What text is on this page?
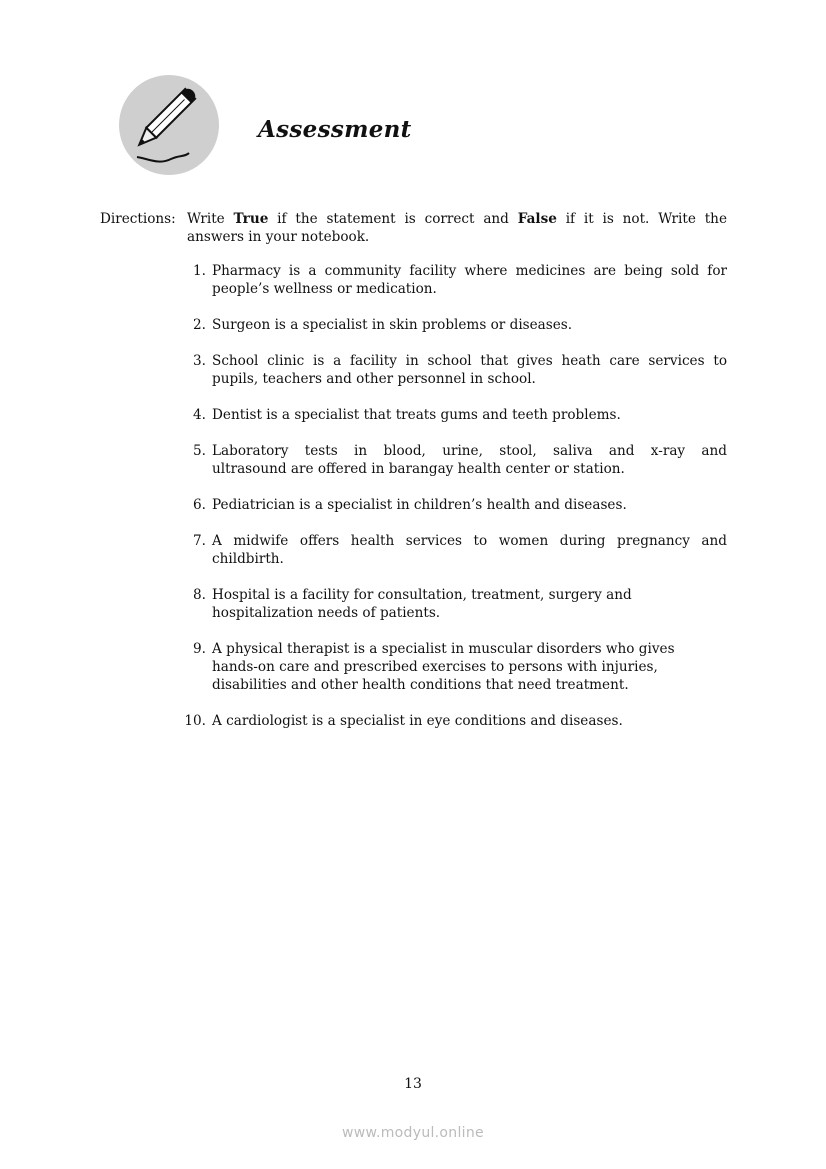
Assessment
Directions: Write True if the statement is correct and False if it is not. Write the
answers in your notebook.
1. Pharmacy is a community facility where medicines are being sold for
people’s wellness or medication.
2. Surgeon is a specialist in skin problems or diseases.
3. School clinic is a facility in school that gives heath care services to
pupils, teachers and other personnel in school.
4. Dentist is a specialist that treats gums and teeth problems.
5. Laboratory tests in blood, urine, stool, saliva and x-ray and
ultrasound are offered in barangay health center or station.
6. Pediatrician is a specialist in children’s health and diseases.
7. A midwife offers health services to women during pregnancy and
childbirth.
8. Hospital is a facility for consultation, treatment, surgery and
hospitalization needs of patients.
9. A physical therapist is a specialist in muscular disorders who gives
hands-on care and prescribed exercises to persons with injuries,
disabilities and other health conditions that need treatment.
10. A cardiologist is a specialist in eye conditions and diseases.
13
www.modyul.online
